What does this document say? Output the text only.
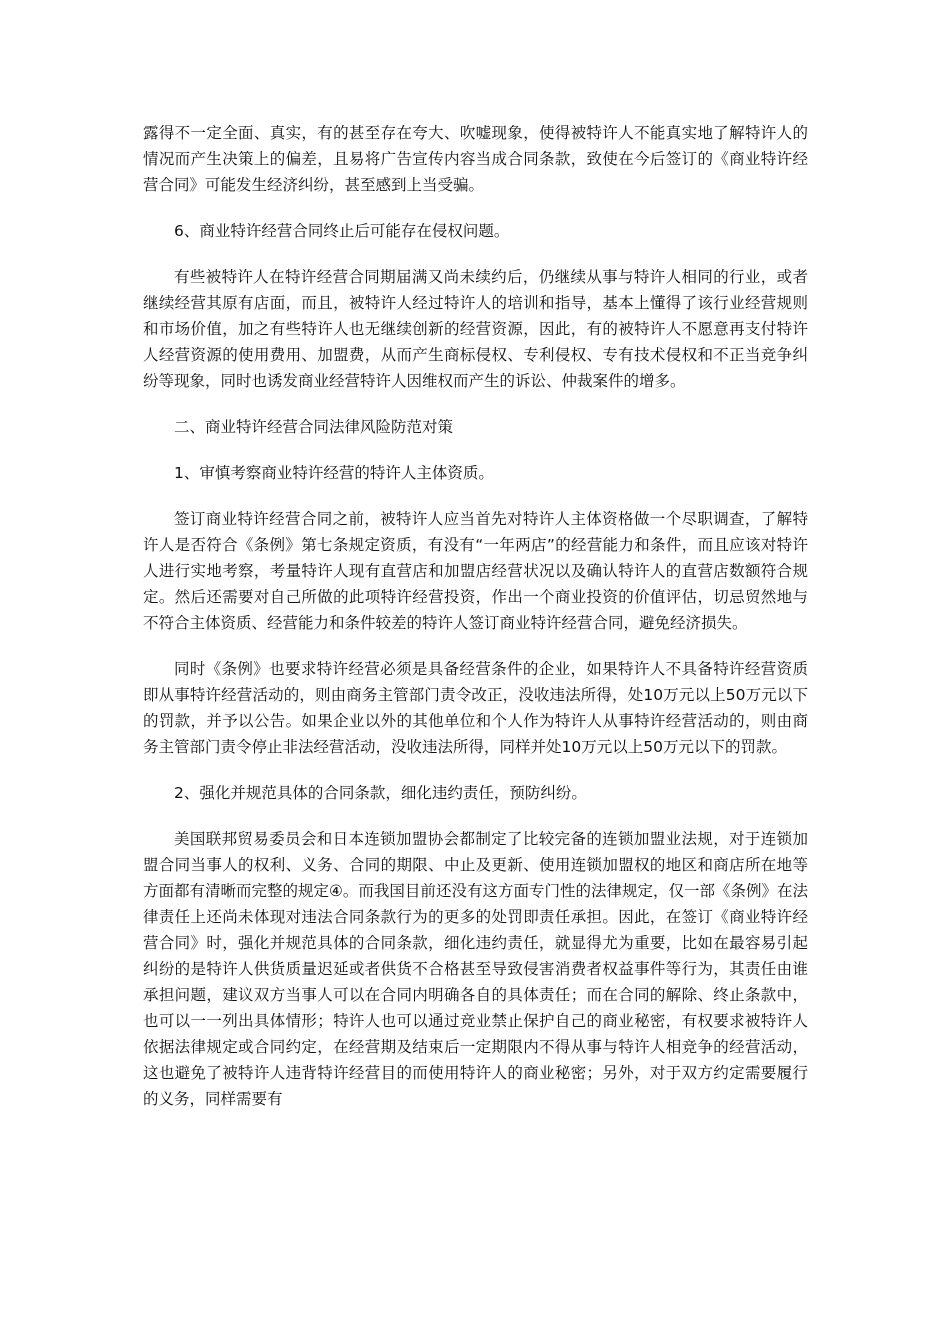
露得不一定全面、真实，有的甚至存在夸大、吹嘘现象，使得被特许人不能真实地了解特许人的情况而产生决策上的偏差，且易将广告宣传内容当成合同条款，致使在今后签订的《商业特许经营合同》可能发生经济纠纷，甚至感到上当受骗。

6、商业特许经营合同终止后可能存在侵权问题。

有些被特许人在特许经营合同期届满又尚未续约后，仍继续从事与特许人相同的行业，或者继续经营其原有店面，而且，被特许人经过特许人的培训和指导，基本上懂得了该行业经营规则和市场价值，加之有些特许人也无继续创新的经营资源，因此，有的被特许人不愿意再支付特许人经营资源的使用费用、加盟费，从而产生商标侵权、专利侵权、专有技术侵权和不正当竞争纠纷等现象，同时也诱发商业经营特许人因维权而产生的诉讼、仲裁案件的增多。

二、商业特许经营合同法律风险防范对策

1、审慎考察商业特许经营的特许人主体资质。

签订商业特许经营合同之前，被特许人应当首先对特许人主体资格做一个尽职调查，了解特许人是否符合《条例》第七条规定资质，有没有“一年两店”的经营能力和条件，而且应该对特许人进行实地考察，考量特许人现有直营店和加盟店经营状况以及确认特许人的直营店数额符合规定。然后还需要对自己所做的此项特许经营投资，作出一个商业投资的价值评估，切忌贸然地与不符合主体资质、经营能力和条件较差的特许人签订商业特许经营合同，避免经济损失。

同时《条例》也要求特许经营必须是具备经营条件的企业，如果特许人不具备特许经营资质即从事特许经营活动的，则由商务主管部门责令改正，没收违法所得，处10万元以上50万元以下的罚款，并予以公告。如果企业以外的其他单位和个人作为特许人从事特许经营活动的，则由商务主管部门责令停止非法经营活动，没收违法所得，同样并处10万元以上50万元以下的罚款。

2、强化并规范具体的合同条款，细化违约责任，预防纠纷。

美国联邦贸易委员会和日本连锁加盟协会都制定了比较完备的连锁加盟业法规，对于连锁加盟合同当事人的权利、义务、合同的期限、中止及更新、使用连锁加盟权的地区和商店所在地等方面都有清晰而完整的规定④。而我国目前还没有这方面专门性的法律规定，仅一部《条例》在法律责任上还尚未体现对违法合同条款行为的更多的处罚即责任承担。因此，在签订《商业特许经营合同》时，强化并规范具体的合同条款，细化违约责任，就显得尤为重要，比如在最容易引起纠纷的是特许人供货质量迟延或者供货不合格甚至导致侵害消费者权益事件等行为，其责任由谁承担问题，建议双方当事人可以在合同内明确各自的具体责任；而在合同的解除、终止条款中，也可以一一列出具体情形；特许人也可以通过竞业禁止保护自己的商业秘密，有权要求被特许人依据法律规定或合同约定，在经营期及结束后一定期限内不得从事与特许人相竞争的经营活动，这也避免了被特许人违背特许经营目的而使用特许人的商业秘密；另外，对于双方约定需要履行的义务，同样需要有
